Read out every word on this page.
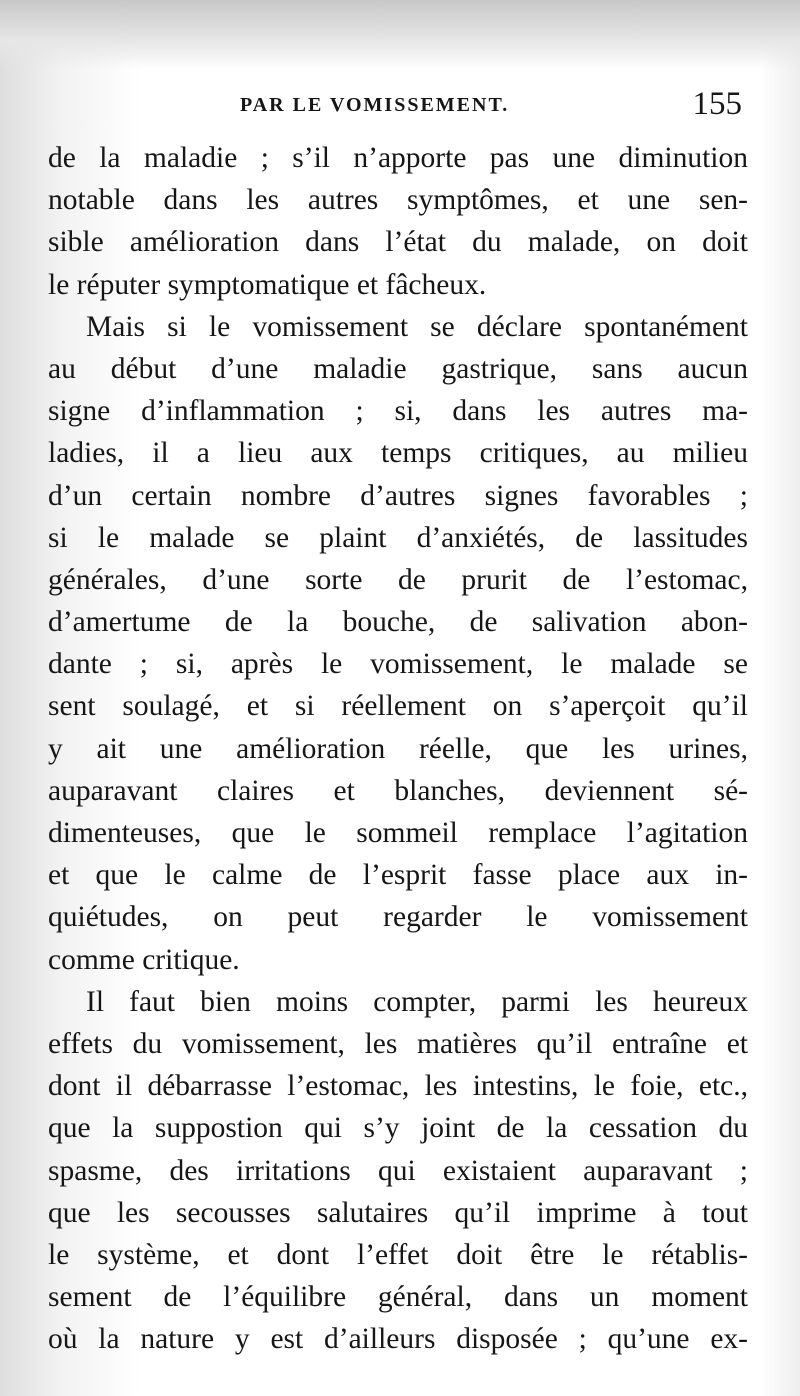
PAR LE VOMISSEMENT.	155
de la maladie ; s’il n’apporte pas une diminution
notable dans les autres symptômes, et une sen-
sible amélioration dans l’état du malade, on doit
le réputer symptomatique et fâcheux.
Mais si le vomissement se déclare spontanément
au début d’une maladie gastrique, sans aucun
signe d’inflammation ; si, dans les autres ma-
ladies, il a lieu aux temps critiques, au milieu
d’un certain nombre d’autres signes favorables ;
si le malade se plaint d’anxiétés, de lassitudes
générales, d’une sorte de prurit de l’estomac,
d’amertume de la bouche, de salivation abon-
dante ; si, après le vomissement, le malade se
sent soulagé, et si réellement on s’aperçoit qu’il
y ait une amélioration réelle, que les urines,
auparavant claires et blanches, deviennent sé-
dimenteuses, que le sommeil remplace l’agitation
et que le calme de l’esprit fasse place aux in-
quiétudes, on peut regarder le vomissement
comme critique.
Il faut bien moins compter, parmi les heureux
effets du vomissement, les matières qu’il entraîne et
dont il débarrasse l’estomac, les intestins, le foie, etc.,
que la suppostion qui s’y joint de la cessation du
spasme, des irritations qui existaient auparavant ;
que les secousses salutaires qu’il imprime à tout
le système, et dont l’effet doit être le rétablis-
sement de l’équilibre général, dans un moment
où la nature y est d’ailleurs disposée ; qu’une ex-
